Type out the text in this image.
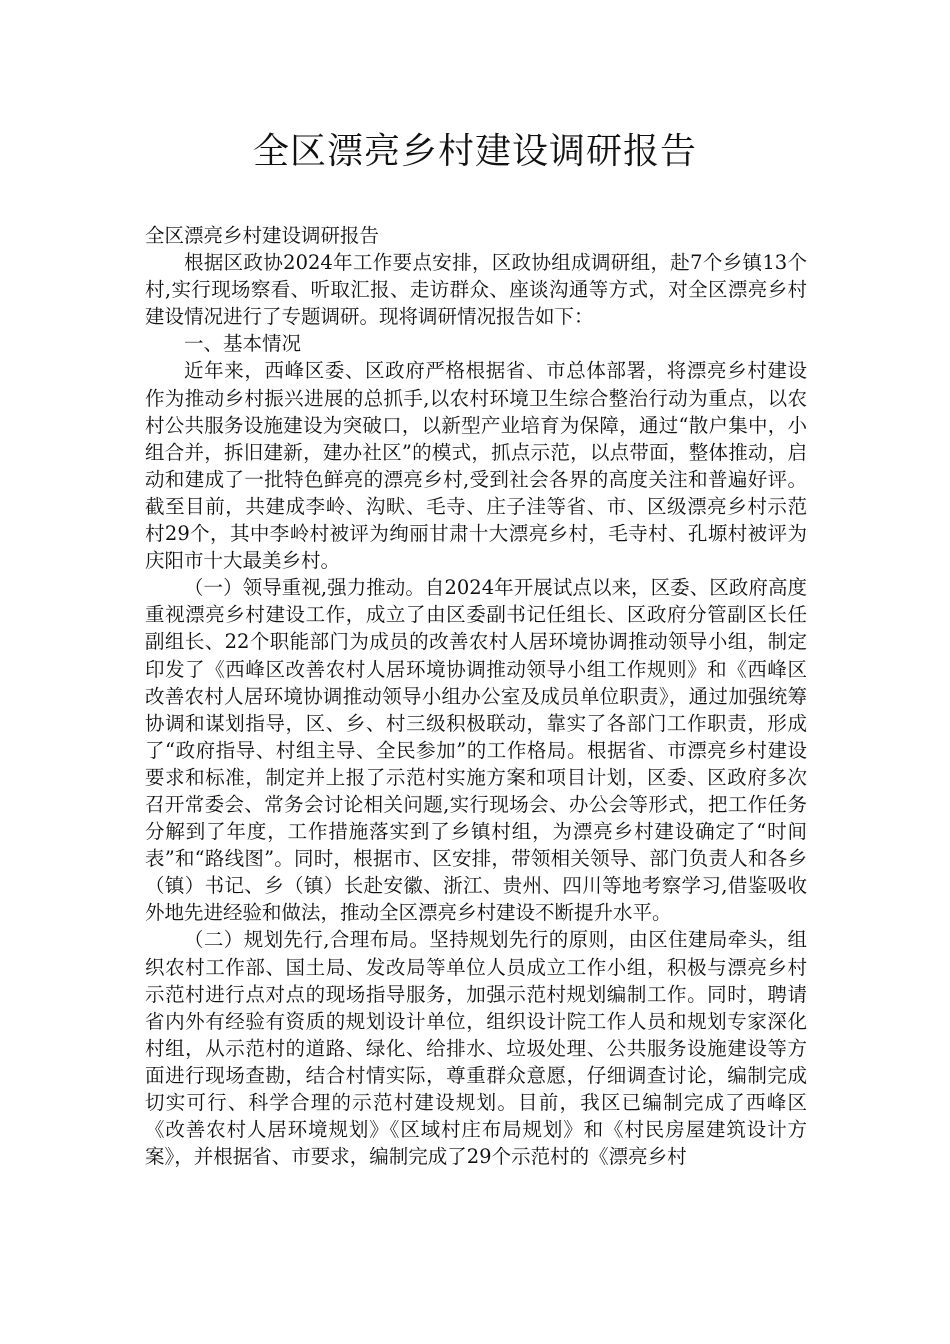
全区漂亮乡村建设调研报告

全区漂亮乡村建设调研报告

根据区政协2024年工作要点安排，区政协组成调研组，赴7个乡镇13个村,实行现场察看、听取汇报、走访群众、座谈沟通等方式，对全区漂亮乡村建设情况进行了专题调研。现将调研情况报告如下：

一、基本情况

近年来，西峰区委、区政府严格根据省、市总体部署，将漂亮乡村建设作为推动乡村振兴进展的总抓手,以农村环境卫生综合整治行动为重点，以农村公共服务设施建设为突破口，以新型产业培育为保障，通过“散户集中，小组合并，拆旧建新，建办社区”的模式，抓点示范，以点带面，整体推动，启动和建成了一批特色鲜亮的漂亮乡村,受到社会各界的高度关注和普遍好评。截至目前，共建成李岭、沟畎、毛寺、庄子洼等省、市、区级漂亮乡村示范村29个，其中李岭村被评为绚丽甘肃十大漂亮乡村，毛寺村、孔塬村被评为庆阳市十大最美乡村。

（一）领导重视,强力推动。自2024年开展试点以来，区委、区政府高度重视漂亮乡村建设工作，成立了由区委副书记任组长、区政府分管副区长任副组长、22个职能部门为成员的改善农村人居环境协调推动领导小组，制定印发了《西峰区改善农村人居环境协调推动领导小组工作规则》和《西峰区改善农村人居环境协调推动领导小组办公室及成员单位职责》，通过加强统筹协调和谋划指导，区、乡、村三级积极联动，靠实了各部门工作职责，形成了“政府指导、村组主导、全民参加”的工作格局。根据省、市漂亮乡村建设要求和标准，制定并上报了示范村实施方案和项目计划，区委、区政府多次召开常委会、常务会讨论相关问题,实行现场会、办公会等形式，把工作任务分解到了年度，工作措施落实到了乡镇村组，为漂亮乡村建设确定了“时间表”和“路线图”。同时，根据市、区安排，带领相关领导、部门负责人和各乡（镇）书记、乡（镇）长赴安徽、浙江、贵州、四川等地考察学习,借鉴吸收外地先进经验和做法，推动全区漂亮乡村建设不断提升水平。

（二）规划先行,合理布局。坚持规划先行的原则，由区住建局牵头，组织农村工作部、国土局、发改局等单位人员成立工作小组，积极与漂亮乡村示范村进行点对点的现场指导服务，加强示范村规划编制工作。同时，聘请省内外有经验有资质的规划设计单位，组织设计院工作人员和规划专家深化村组，从示范村的道路、绿化、给排水、垃圾处理、公共服务设施建设等方面进行现场查勘，结合村情实际，尊重群众意愿，仔细调查讨论，编制完成切实可行、科学合理的示范村建设规划。目前，我区已编制完成了西峰区《改善农村人居环境规划》《区域村庄布局规划》和《村民房屋建筑设计方案》，并根据省、市要求，编制完成了29个示范村的《漂亮乡村
